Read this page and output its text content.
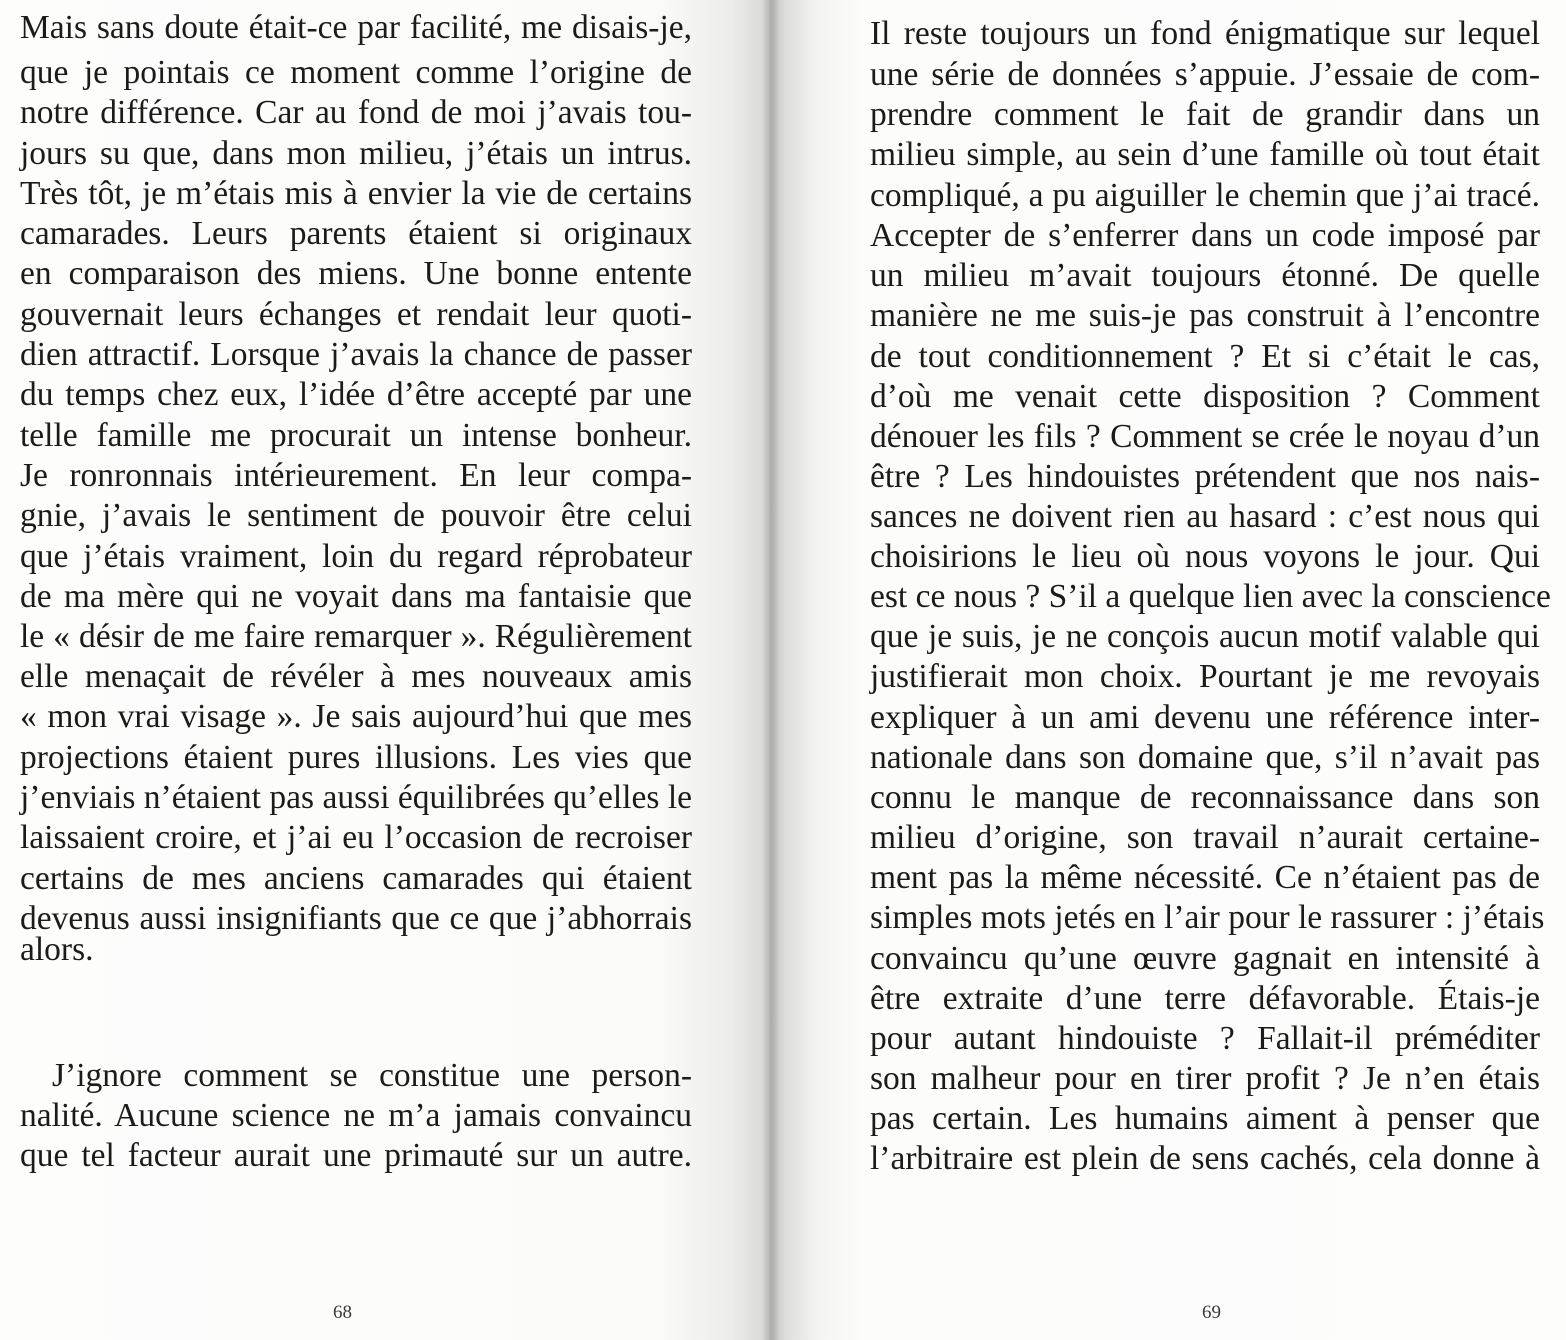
Mais sans doute était-ce par facilité, me disais-je,
que je pointais ce moment comme l’origine de
notre différence. Car au fond de moi j’avais tou-
jours su que, dans mon milieu, j’étais un intrus.
Très tôt, je m’étais mis à envier la vie de certains
camarades. Leurs parents étaient si originaux
en comparaison des miens. Une bonne entente
gouvernait leurs échanges et rendait leur quoti-
dien attractif. Lorsque j’avais la chance de passer
du temps chez eux, l’idée d’être accepté par une
telle famille me procurait un intense bonheur.
Je ronronnais intérieurement. En leur compa-
gnie, j’avais le sentiment de pouvoir être celui
que j’étais vraiment, loin du regard réprobateur
de ma mère qui ne voyait dans ma fantaisie que
le « désir de me faire remarquer ». Régulièrement
elle menaçait de révéler à mes nouveaux amis
« mon vrai visage ». Je sais aujourd’hui que mes
projections étaient pures illusions. Les vies que
j’enviais n’étaient pas aussi équilibrées qu’elles le
laissaient croire, et j’ai eu l’occasion de recroiser
certains de mes anciens camarades qui étaient
devenus aussi insignifiants que ce que j’abhorrais
alors.
J’ignore comment se constitue une person-
nalité. Aucune science ne m’a jamais convaincu
que tel facteur aurait une primauté sur un autre.
68
Il reste toujours un fond énigmatique sur lequel
une série de données s’appuie. J’essaie de com-
prendre comment le fait de grandir dans un
milieu simple, au sein d’une famille où tout était
compliqué, a pu aiguiller le chemin que j’ai tracé.
Accepter de s’enferrer dans un code imposé par
un milieu m’avait toujours étonné. De quelle
manière ne me suis-je pas construit à l’encontre
de tout conditionnement ? Et si c’était le cas,
d’où me venait cette disposition ? Comment
dénouer les fils ? Comment se crée le noyau d’un
être ? Les hindouistes prétendent que nos nais-
sances ne doivent rien au hasard : c’est nous qui
choisirions le lieu où nous voyons le jour. Qui
est ce nous ? S’il a quelque lien avec la conscience
que je suis, je ne conçois aucun motif valable qui
justifierait mon choix. Pourtant je me revoyais
expliquer à un ami devenu une référence inter-
nationale dans son domaine que, s’il n’avait pas
connu le manque de reconnaissance dans son
milieu d’origine, son travail n’aurait certaine-
ment pas la même nécessité. Ce n’étaient pas de
simples mots jetés en l’air pour le rassurer : j’étais
convaincu qu’une œuvre gagnait en intensité à
être extraite d’une terre défavorable. Étais-je
pour autant hindouiste ? Fallait-il préméditer
son malheur pour en tirer profit ? Je n’en étais
pas certain. Les humains aiment à penser que
l’arbitraire est plein de sens cachés, cela donne à
69
